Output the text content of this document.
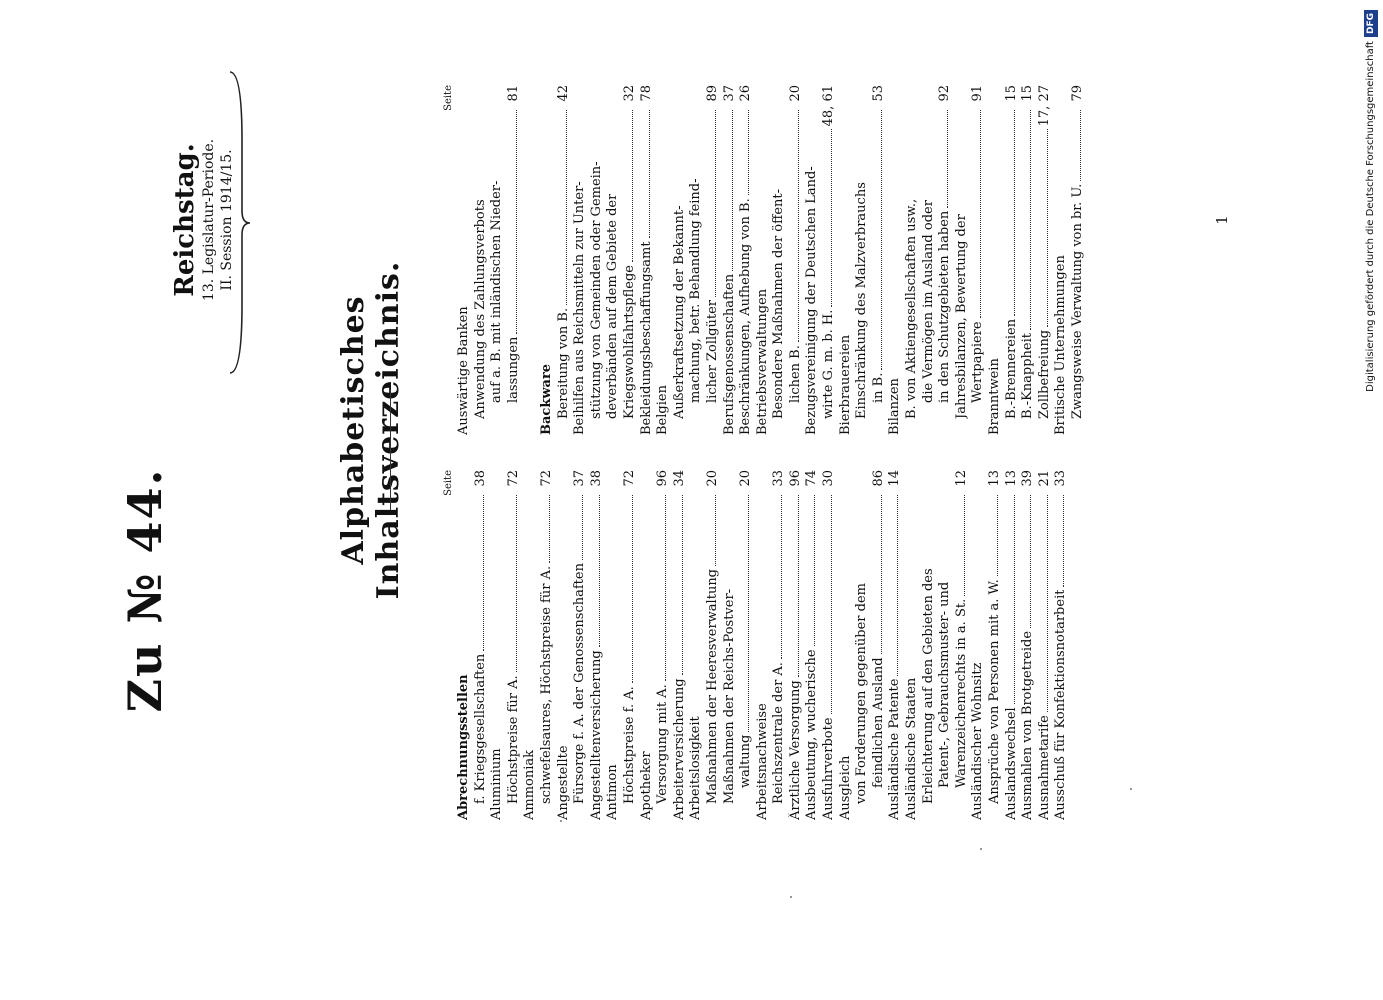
Zu № 44.
Reichstag. 13. Legislatur-Periode. II. Session 1914/15.
Alphabetisches Inhaltsverzeichnis.	Seite
Abrechnungsstellen f. Kriegsgesellschaften
38
Aluminium Höchstpreise für A.
72
Ammoniak schwefelsaures, Höchstpreise für A.
72
Angestellte Fürsorge f. A. der Genossenschaften
37
Angestelltenversicherung
38
Antimon Höchstpreise f. A.
72
Apotheker Versorgung mit A.
96
Arbeiterversicherung
34
Arbeitslosigkeit Maßnahmen der Heeresverwaltung
20
Maßnahmen der Reichs-Postver- waltung
20
Arbeitsnachweise Reichszentrale der A.
33
Ärztliche Versorgung
96
Ausbeutung, wucherische
74
Ausfuhrverbote
30
Ausgleich von Forderungen gegenüber dem feindlichen Ausland
86
Ausländische Patente
14
Ausländische Staaten Erleichterung auf den Gebieten des Patent-, Gebrauchsmuster- und Warenzeichenrechts in a. St.
12
Ausländischer Wohnsitz Ansprüche von Personen mit a. W.
13
Auslandswechsel
13
Ausmahlen von Brotgetreide
39
Ausnahmetarife
21
Ausschuß für Konfektionsnotarbeit
33
Seite
Auswärtige Banken Anwendung des Zahlungsverbots auf a. B. mit inländischen Nieder- lassungen
81

Backware Bereitung von B.
42
Beihilfen aus Reichsmitteln zur Unter- stützung von Gemeinden oder Gemein- deverbänden auf dem Gebiete der Kriegswohlfahrtspflege
32
Bekleidungsbeschaffungsamt
78
Belgien Außerkraftsetzung der Bekannt- machung, betr. Behandlung feind- licher Zollgüter
89
Berufsgenossenschaften
37
Beschränkungen, Aufhebung von B.
26
Betriebsverwaltungen Besondere Maßnahmen der öffent- lichen B.
20
Bezugsvereinigung der Deutschen Land- wirte G. m. b. H.
48, 61
Bierbrauereien Einschränkung des Malzverbrauchs in B.
53
Bilanzen B. von Aktiengesellschaften usw., die Vermögen im Ausland oder in den Schutzgebieten haben
92
Jahresbilanzen, Bewertung der Wertpapiere
91
Branntwein B.-Brennereien
15
B.-Knappheit
15
Zollbefreiung
17, 27
Britische Unternehmungen Zwangsweise Verwaltung von br. U.
79
1	Digitalisierung gefördert durch die Deutsche ForschungsgemeinschaftDFG
